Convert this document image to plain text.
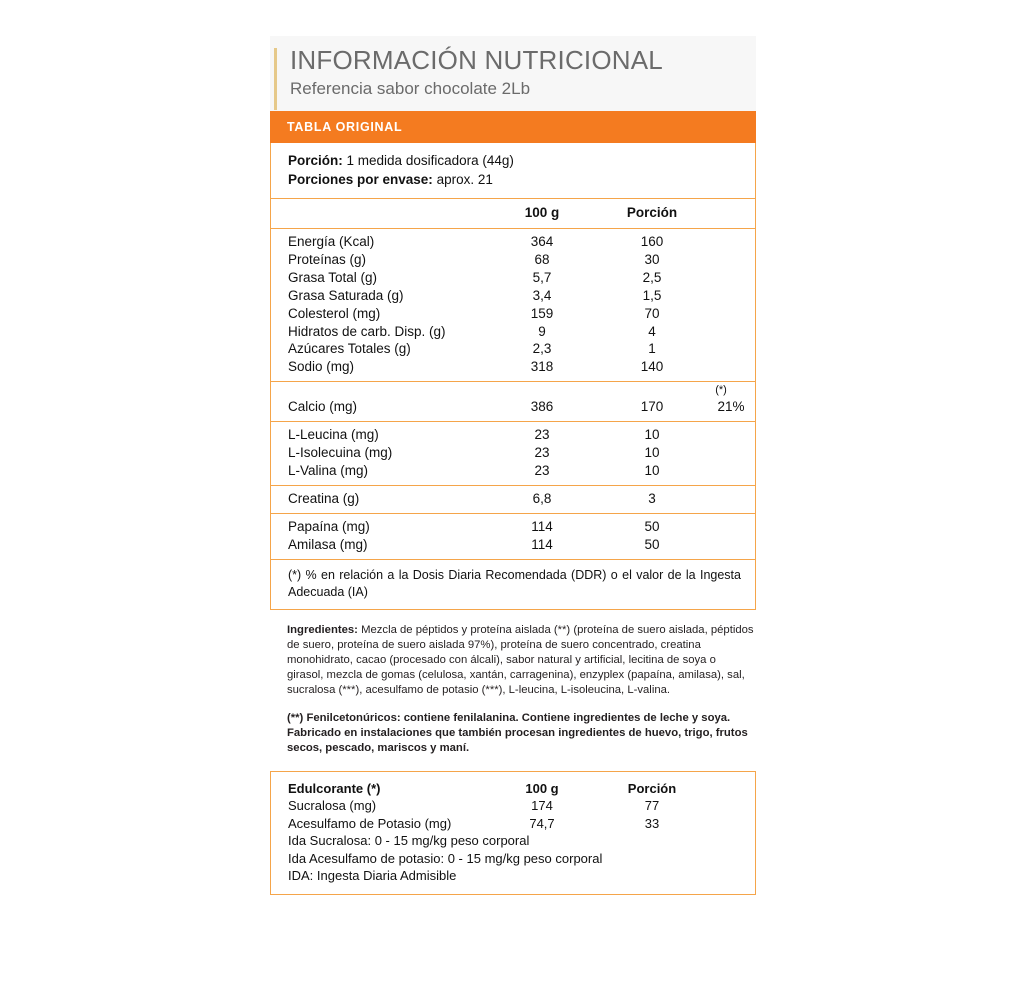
INFORMACIÓN NUTRICIONAL
Referencia sabor chocolate 2Lb
TABLA ORIGINAL
Porción: 1 medida dosificadora (44g)
Porciones por envase: aprox. 21
100 g	Porción
Energía (Kcal)	364	160
Proteínas (g)	68	30
Grasa Total (g)	5,7	2,5
Grasa Saturada (g)	3,4	1,5
Colesterol (mg)	159	70
Hidratos de carb. Disp. (g)	9	4
Azúcares Totales (g)	2,3	1
Sodio (mg)	318	140
(*)
Calcio (mg)	386	170	21%
L-Leucina (mg)	23	10
L-Isolecuina (mg)	23	10
L-Valina (mg)	23	10
Creatina (g)	6,8	3
Papaína (mg)	114	50
Amilasa (mg)	114	50
(*) % en relación a la Dosis Diaria Recomendada (DDR) o el valor de la Ingesta Adecuada (IA)
Ingredientes: Mezcla de péptidos y proteína aislada (**) (proteína de suero aislada, péptidos de suero, proteína de suero aislada 97%), proteína de suero concentrado, creatina monohidrato, cacao (procesado con álcali), sabor natural y artificial, lecitina de soya o girasol, mezcla de gomas (celulosa, xantán, carragenina), enzyplex (papaína, amilasa), sal, sucralosa (***), acesulfamo de potasio (***), L-leucina, L-isoleucina, L-valina.
(**) Fenilcetonúricos: contiene fenilalanina. Contiene ingredientes de leche y soya. Fabricado en instalaciones que también procesan ingredientes de huevo, trigo, frutos secos, pescado, mariscos y maní.
Edulcorante (*)	100 g	Porción
Sucralosa (mg)	174	77
Acesulfamo de Potasio (mg)	74,7	33
Ida Sucralosa: 0 - 15 mg/kg peso corporal
Ida Acesulfamo de potasio: 0 - 15 mg/kg peso corporal
IDA: Ingesta Diaria Admisible
